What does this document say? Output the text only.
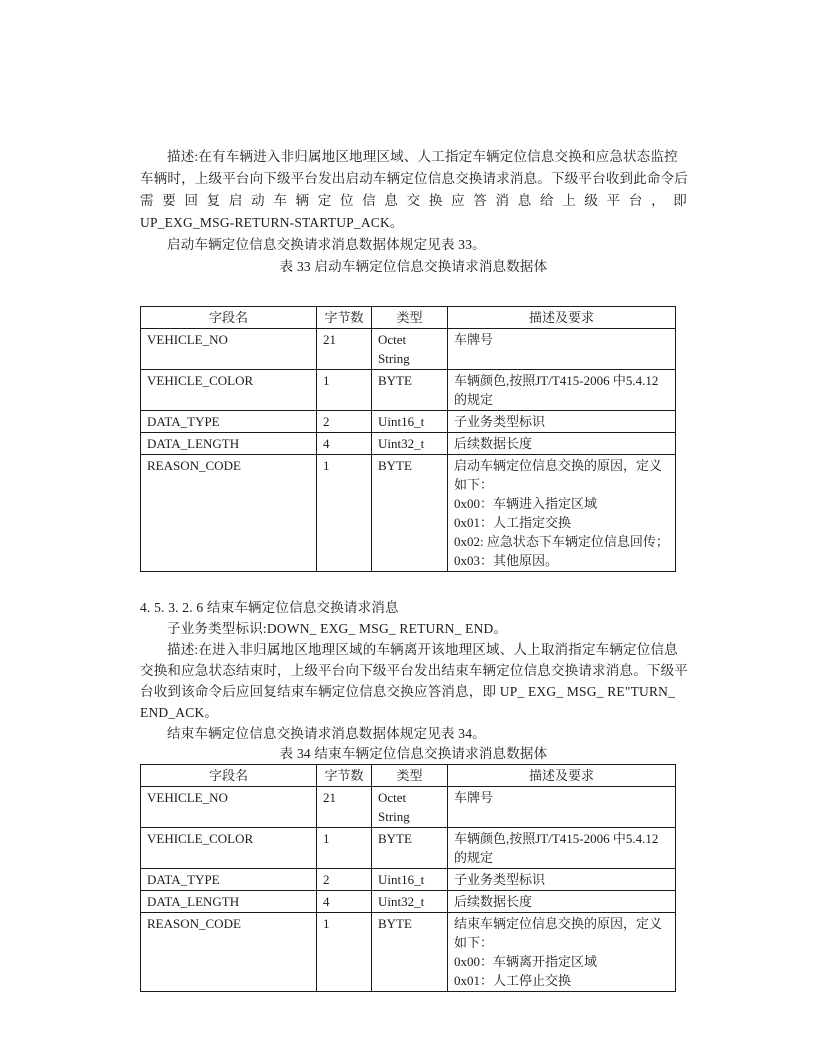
描述:在有车辆进入非归属地区地理区域、人工指定车辆定位信息交换和应急状态监控
车辆时，上级平台向下级平台发出启动车辆定位信息交换请求消息。下级平台收到此命令后
需要回复启动车辆定位信息交换应答消息给上级平台，即
UP_EXG_MSG-RETURN-STARTUP_ACK。
启动车辆定位信息交换请求消息数据体规定见表 33。
表 33 启动车辆定位信息交换请求消息数据体
字段名	字节数	类型	描述及要求

VEHICLE_NO	21	Octet
String	车牌号

VEHICLE_COLOR	1	BYTE	车辆颜色,按照JT/T415-2006 中5.4.12
的规定

DATA_TYPE	2	Uint16_t	子业务类型标识

DATA_LENGTH	4	Uint32_t	后续数据长度

REASON_CODE	1	BYTE	启动车辆定位信息交换的原因，定义
如下：
0x00：车辆进入指定区域
0x01：人工指定交换
0x02: 应急状态下车辆定位信息回传；
0x03：其他原因。
4. 5. 3. 2. 6 结束车辆定位信息交换请求消息
子业务类型标识:DOWN_ EXG_ MSG_ RETURN_ END。
描述:在进入非归属地区地理区域的车辆离开该地理区域、人上取消指定车辆定位信息
交换和应急状态结束时，上级平台向下级平台发出结束车辆定位信息交换请求消息。下级平
台收到该命令后应回复结束车辆定位信息交换应答消息，即 UP_ EXG_ MSG_ RE"TURN_
END_ACK。
结束车辆定位信息交换请求消息数据体规定见表 34。
表 34 结束车辆定位信息交换请求消息数据体
字段名	字节数	类型	描述及要求

VEHICLE_NO	21	Octet
String	车牌号

VEHICLE_COLOR	1	BYTE	车辆颜色,按照JT/T415-2006 中5.4.12
的规定

DATA_TYPE	2	Uint16_t	子业务类型标识

DATA_LENGTH	4	Uint32_t	后续数据长度

REASON_CODE	1	BYTE	结束车辆定位信息交换的原因，定义
如下：
0x00：车辆离开指定区域
0x01：人工停止交换
